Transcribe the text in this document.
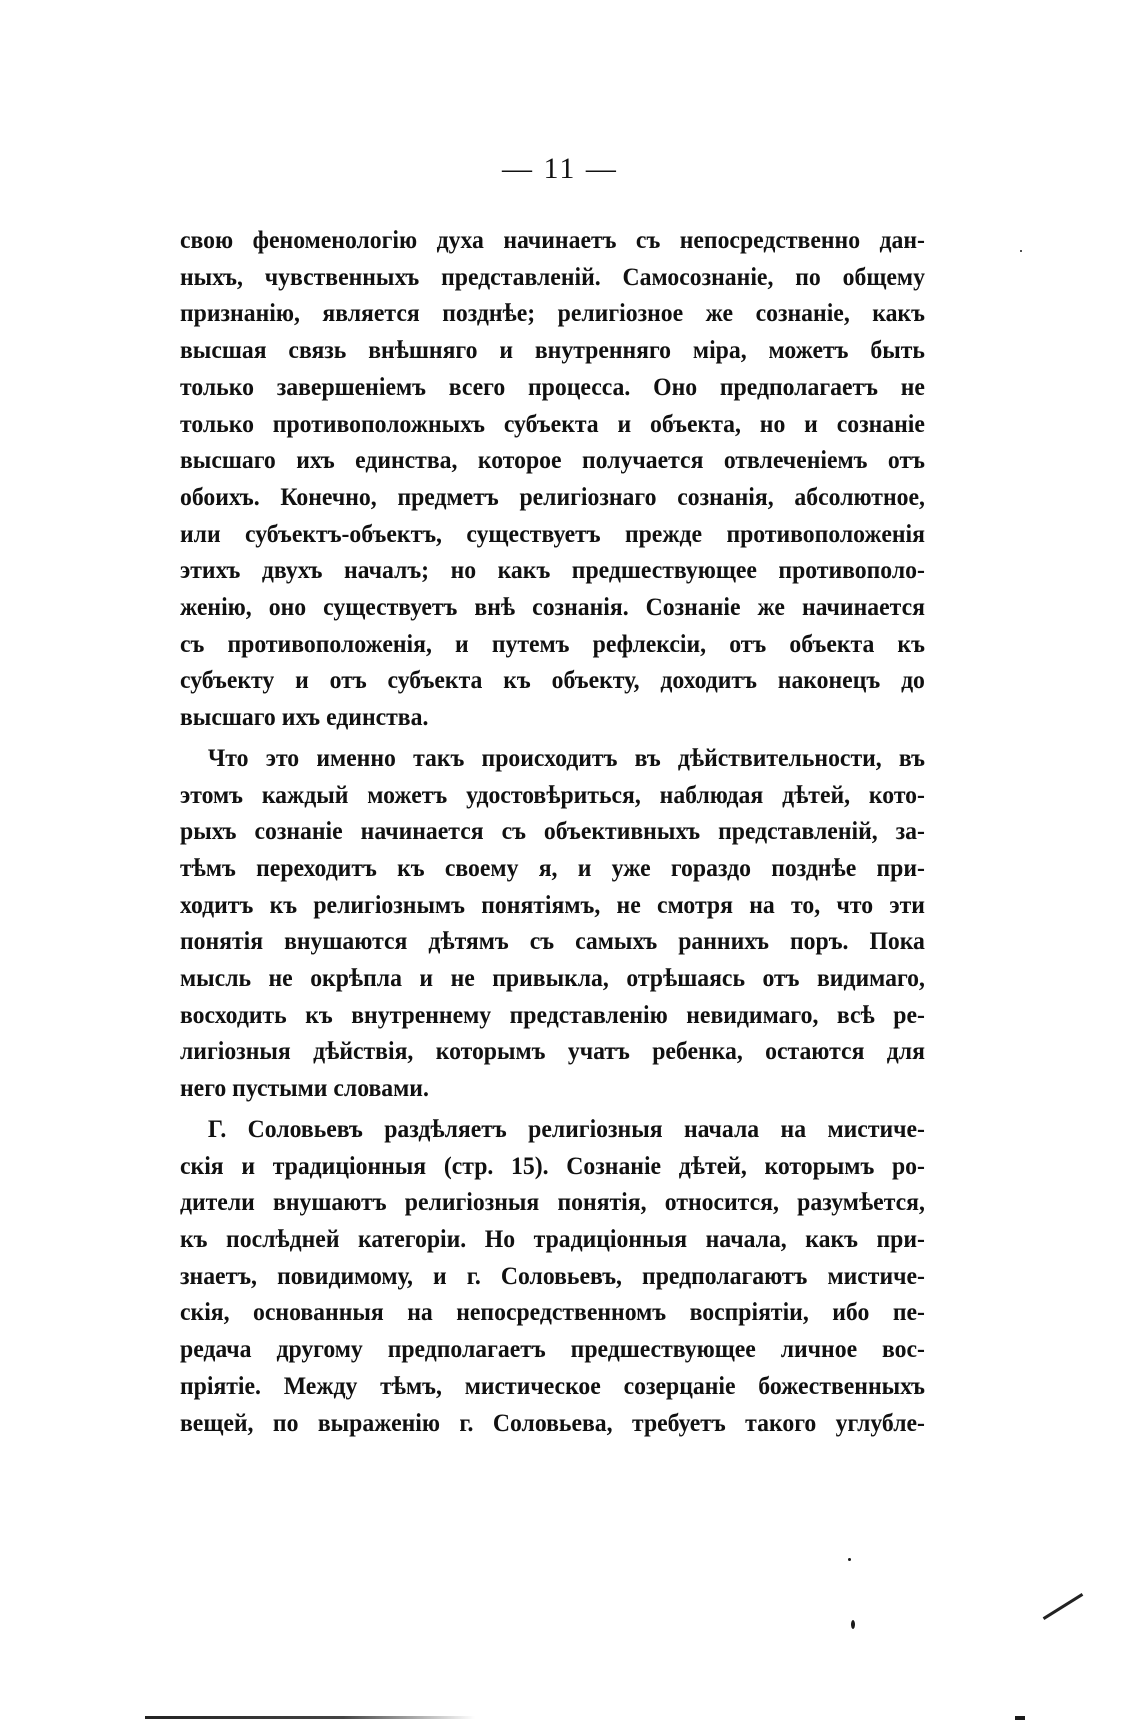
— 11 —
свою феноменологію духа начинаетъ съ непосредственно дан-
ныхъ, чувственныхъ представленій. Самосознаніе, по общему
признанію, является позднѣе; религіозное же сознаніе, какъ
высшая связь внѣшняго и внутренняго міра, можетъ быть
только завершеніемъ всего процесса. Оно предполагаетъ не
только противоположныхъ субъекта и объекта, но и сознаніе
высшаго ихъ единства, которое получается отвлеченіемъ отъ
обоихъ. Конечно, предметъ религіознаго сознанія, абсолютное,
или субъектъ-объектъ, существуетъ прежде противоположенія
этихъ двухъ началъ; но какъ предшествующее противополо-
женію, оно существуетъ внѣ сознанія. Сознаніе же начинается
съ противоположенія, и путемъ рефлексіи, отъ объекта къ
субъекту и отъ субъекта къ объекту, доходитъ наконецъ до
высшаго ихъ единства.
Что это именно такъ происходитъ въ дѣйствительности, въ
этомъ каждый можетъ удостовѣриться, наблюдая дѣтей, кото-
рыхъ сознаніе начинается съ объективныхъ представленій, за-
тѣмъ переходитъ къ своему я, и уже гораздо позднѣе при-
ходитъ къ религіознымъ понятіямъ, не смотря на то, что эти
понятія внушаются дѣтямъ съ самыхъ раннихъ поръ. Пока
мысль не окрѣпла и не привыкла, отрѣшаясь отъ видимаго,
восходить къ внутреннему представленію невидимаго, всѣ ре-
лигіозныя дѣйствія, которымъ учатъ ребенка, остаются для
него пустыми словами.
Г. Соловьевъ раздѣляетъ религіозныя начала на мистиче-
скія и традиціонныя (стр. 15). Сознаніе дѣтей, которымъ ро-
дители внушаютъ религіозныя понятія, относится, разумѣется,
къ послѣдней категоріи. Но традиціонныя начала, какъ при-
знаетъ, повидимому, и г. Соловьевъ, предполагаютъ мистиче-
скія, основанныя на непосредственномъ воспріятіи, ибо пе-
редача другому предполагаетъ предшествующее личное вос-
пріятіе. Между тѣмъ, мистическое созерцаніе божественныхъ
вещей, по выраженію г. Соловьева, требуетъ такого углубле-
